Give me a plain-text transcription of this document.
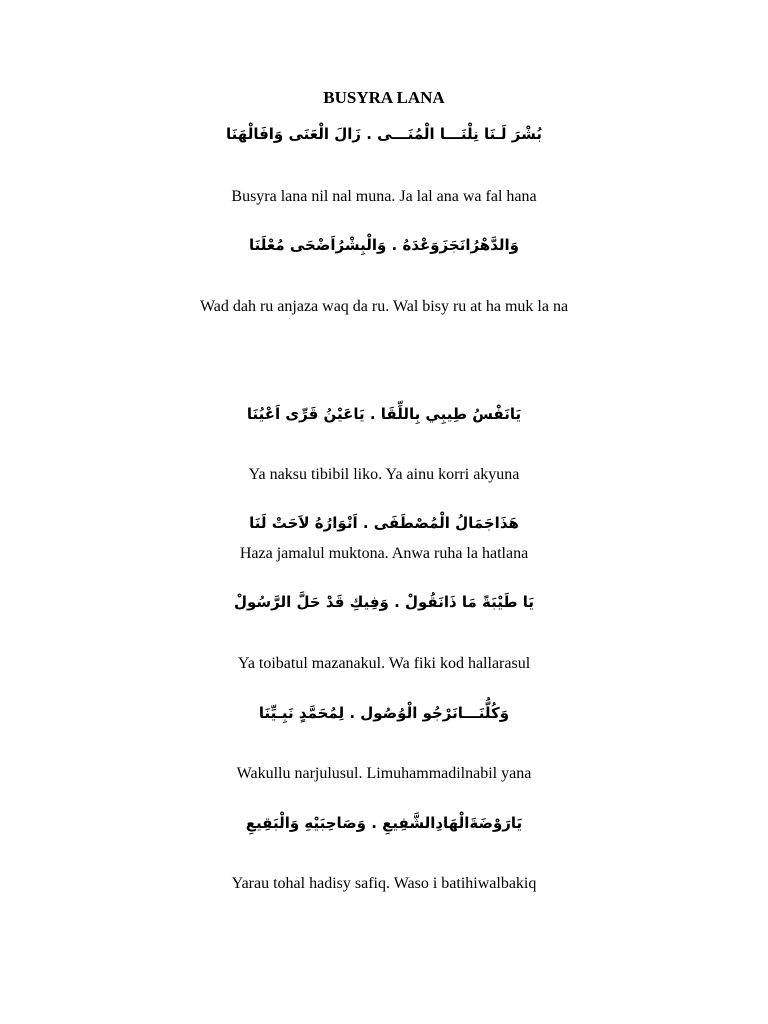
BUSYRA LANA
بُشْرَ لَـنَا نِلْنَـــا الْمُنَـــى . زَالَ الْعَنَى وَافَالْهَنَا
Busyra lana nil nal muna. Ja lal ana wa fal hana
وَالدَّهْرُانَجَزَوَعْدَهُ . وَالْبِشْرُاَضْحَى مُعْلَنَا
Wad dah ru anjaza waq da ru. Wal bisy ru at ha muk la na
يَانَفْسُ طِيبِي بِاللِّقَا . يَاعَيْنُ قَرِّى اَعْيُنَا
Ya naksu tibibil liko. Ya ainu korri akyuna
هَذَاجَمَالُ الْمُصْطَفَى . اَنْوَارُهُ لاَحَتْ لَنَا
Haza jamalul muktona. Anwa ruha la hatlana
يَا طَيْبَةً مَا ذَانَقُولْ . وَفِيكِ قَدْ حَلَّ الرَّسُولْ
Ya toibatul mazanakul. Wa fiki kod hallarasul
وَكُلُّنَـــانَرْجُو الْوُصُول . لِمُحَمَّدٍ نَبِـيِّنَا
Wakullu narjulusul. Limuhammadilnabil yana
يَارَوْضَةَالْهَادِالشَّفِيعِ . وَصَاحِبَيْهِ وَالْبَقِيعِ
Yarau tohal hadisy safiq. Waso i batihiwalbakiq
